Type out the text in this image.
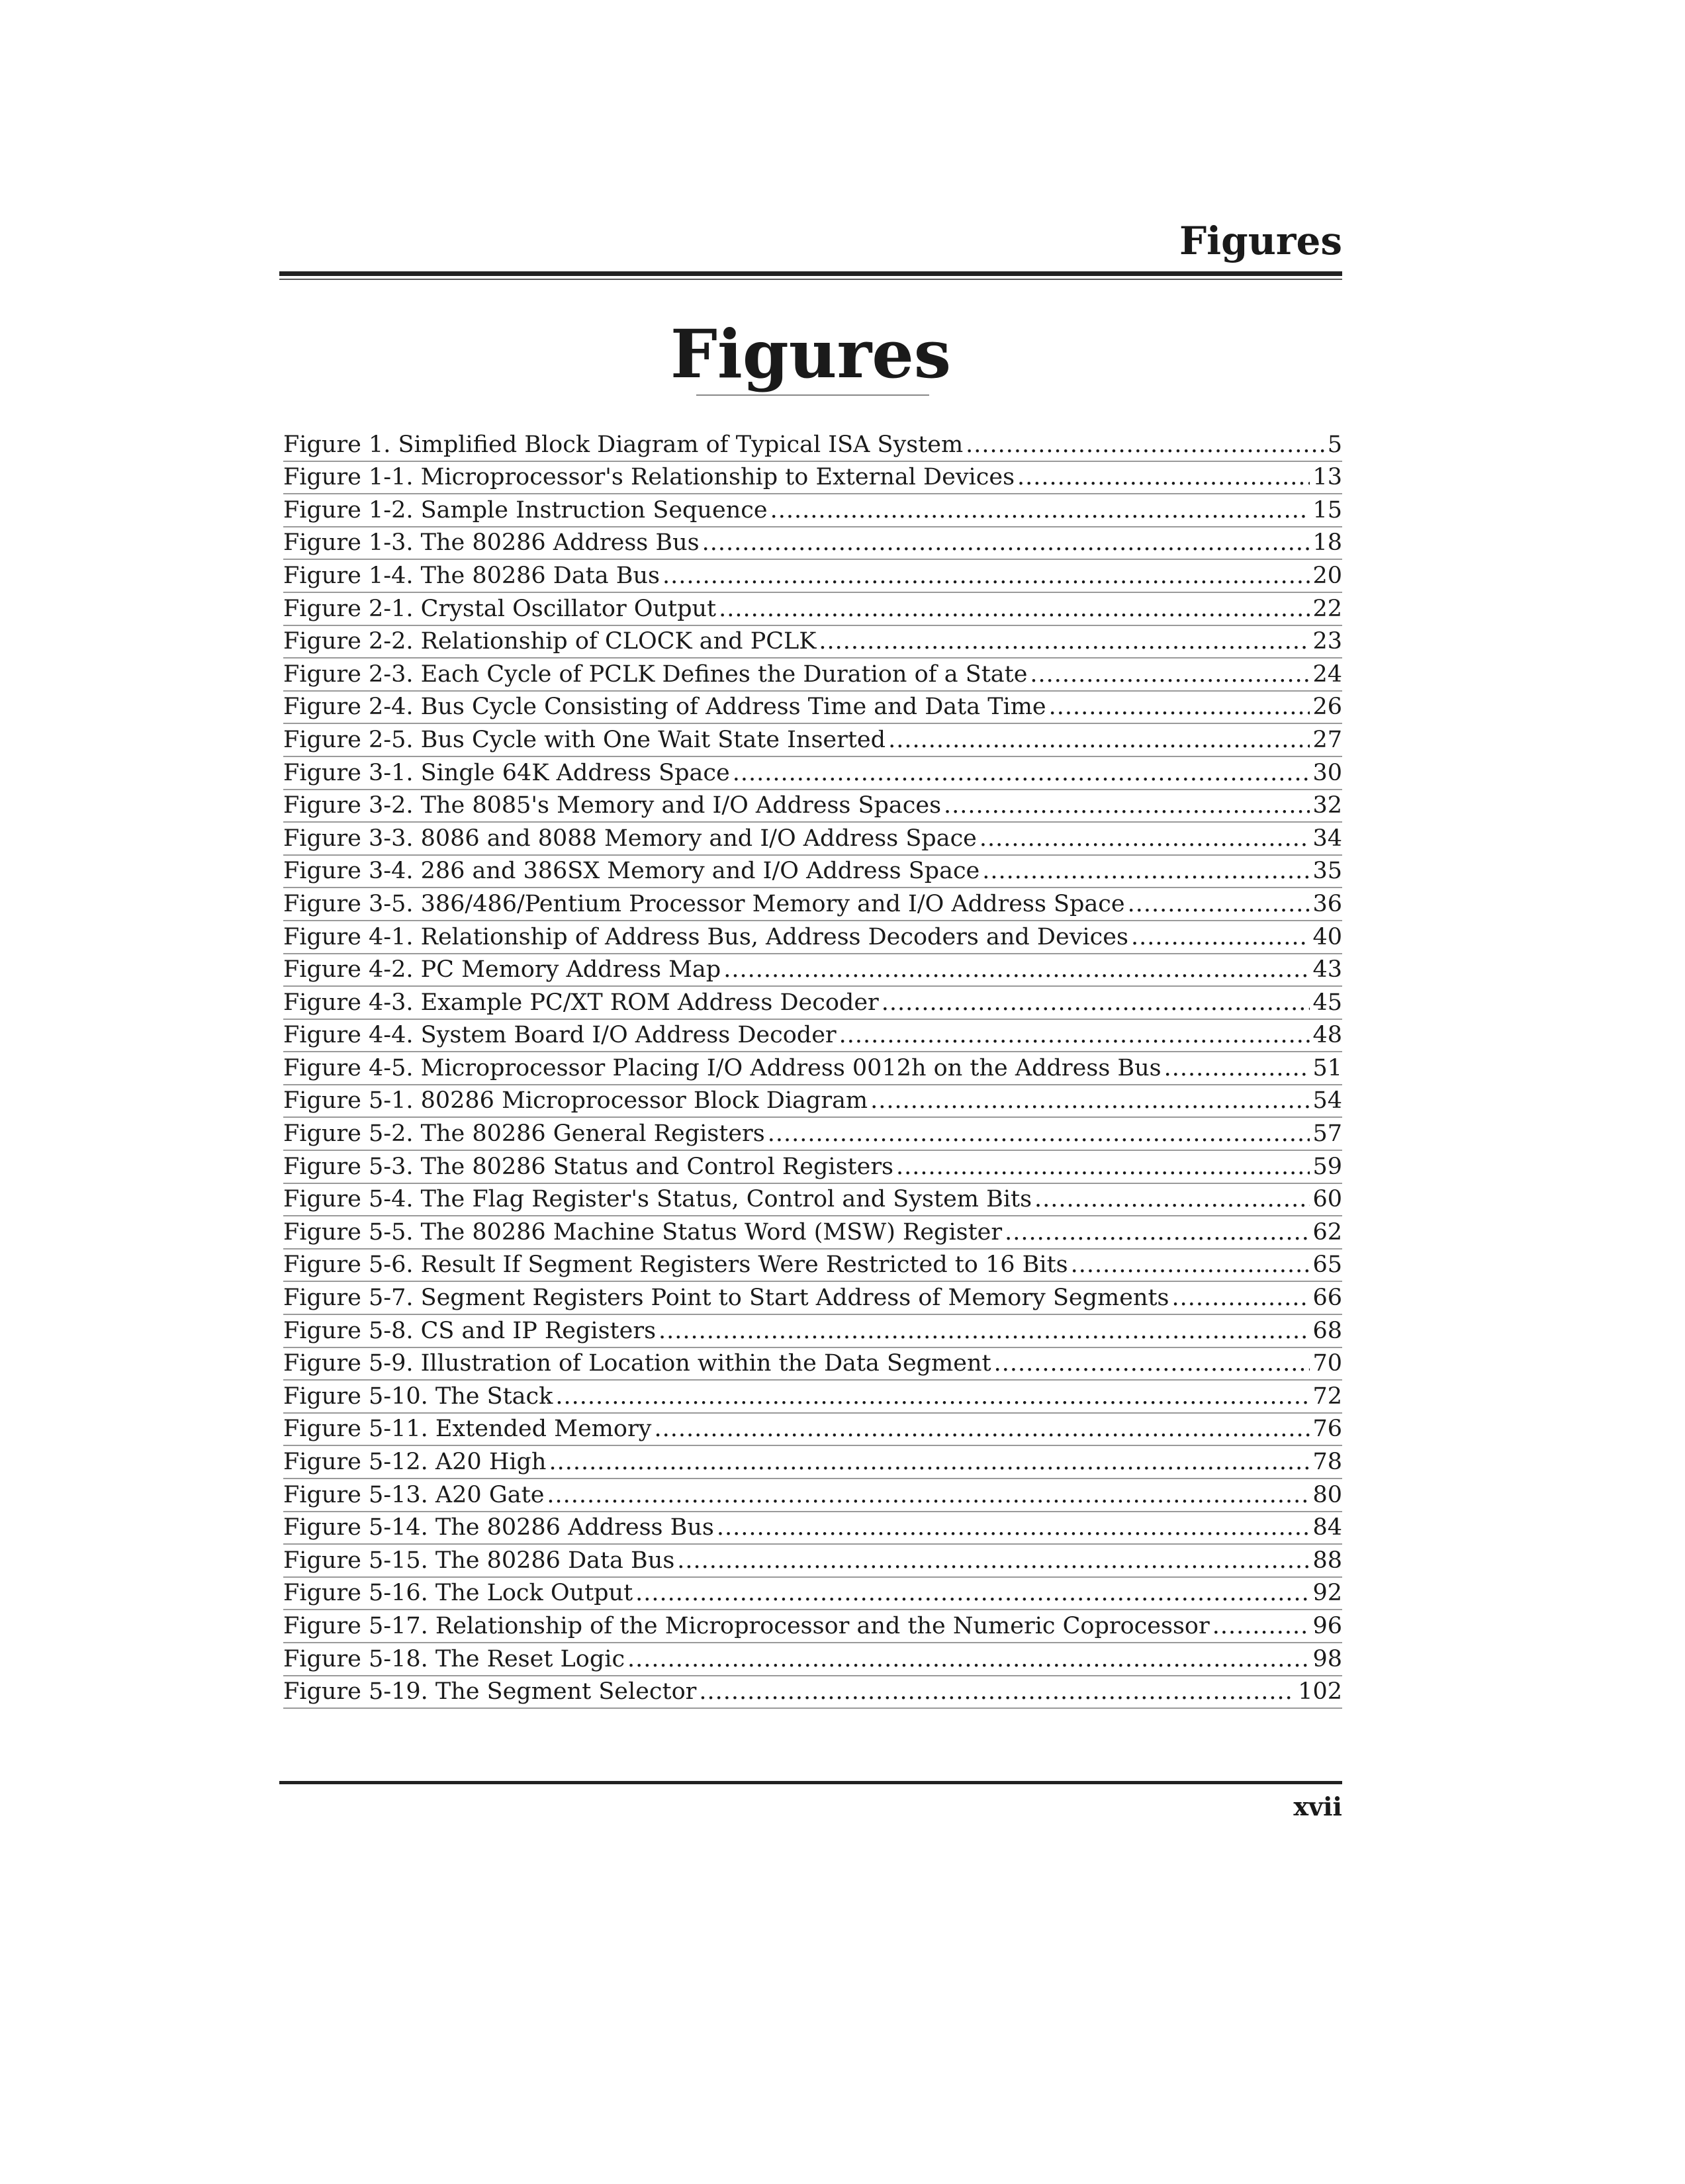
Figures
Figures
Figure 1. Simplified Block Diagram of Typical ISA System .....	5
Figure 1-1. Microprocessor's Relationship to External Devices .....	13
Figure 1-2. Sample Instruction Sequence .....	15
Figure 1-3. The 80286 Address Bus .....	18
Figure 1-4. The 80286 Data Bus .....	20
Figure 2-1. Crystal Oscillator Output .....	22
Figure 2-2. Relationship of CLOCK and PCLK .....	23
Figure 2-3. Each Cycle of PCLK Defines the Duration of a State .....	24
Figure 2-4. Bus Cycle Consisting of Address Time and Data Time .....	26
Figure 2-5. Bus Cycle with One Wait State Inserted .....	27
Figure 3-1. Single 64K Address Space .....	30
Figure 3-2. The 8085's Memory and I/O Address Spaces .....	32
Figure 3-3. 8086 and 8088 Memory and I/O Address Space .....	34
Figure 3-4. 286 and 386SX Memory and I/O Address Space .....	35
Figure 3-5. 386/486/Pentium Processor Memory and I/O Address Space .....	36
Figure 4-1. Relationship of Address Bus, Address Decoders and Devices .....	40
Figure 4-2. PC Memory Address Map .....	43
Figure 4-3. Example PC/XT ROM Address Decoder .....	45
Figure 4-4. System Board I/O Address Decoder .....	48
Figure 4-5. Microprocessor Placing I/O Address 0012h on the Address Bus .....	51
Figure 5-1. 80286 Microprocessor Block Diagram .....	54
Figure 5-2. The 80286 General Registers .....	57
Figure 5-3. The 80286 Status and Control Registers .....	59
Figure 5-4. The Flag Register's Status, Control and System Bits .....	60
Figure 5-5. The 80286 Machine Status Word (MSW) Register .....	62
Figure 5-6. Result If Segment Registers Were Restricted to 16 Bits .....	65
Figure 5-7. Segment Registers Point to Start Address of Memory Segments .....	66
Figure 5-8. CS and IP Registers .....	68
Figure 5-9. Illustration of Location within the Data Segment .....	70
Figure 5-10. The Stack .....	72
Figure 5-11. Extended Memory .....	76
Figure 5-12. A20 High .....	78
Figure 5-13. A20 Gate .....	80
Figure 5-14. The 80286 Address Bus .....	84
Figure 5-15. The 80286 Data Bus .....	88
Figure 5-16. The Lock Output .....	92
Figure 5-17. Relationship of the Microprocessor and the Numeric Coprocessor .....	96
Figure 5-18. The Reset Logic .....	98
Figure 5-19. The Segment Selector .....	102
xvii
